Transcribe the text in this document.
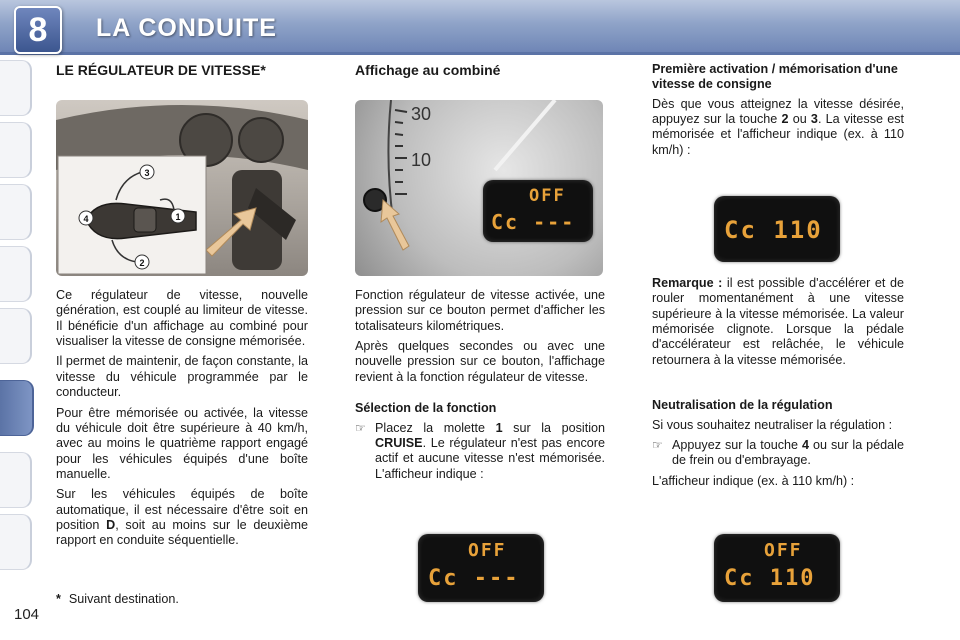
8 LA CONDUITE
LE RÉGULATEUR DE VITESSE*
3
2
1
4

Ce régulateur de vitesse, nouvelle génération, est couplé au limiteur de vitesse. Il bénéficie d'un affichage au combiné pour visualiser la vitesse de consigne mémorisée.

Il permet de maintenir, de façon constante, la vitesse du véhicule programmée par le conducteur.

Pour être mémorisée ou activée, la vitesse du véhicule doit être supérieure à 40 km/h, avec au moins le quatrième rapport engagé pour les véhicules équipés d'une boîte manuelle.

Sur les véhicules équipés de boîte automatique, il est nécessaire d'être soit en position D, soit au moins sur le deuxième rapport en conduite séquentielle.

* Suivant destination.
104
Affichage au combiné
30
10
OFF
Cc ---

Fonction régulateur de vitesse activée, une pression sur ce bouton permet d'afficher les totalisateurs kilométriques.

Après quelques secondes ou avec une nouvelle pression sur ce bouton, l'affichage revient à la fonction régulateur de vitesse.

Sélection de la fonction
☞ Placez la molette 1 sur la position CRUISE. Le régulateur n'est pas encore actif et aucune vitesse n'est mémorisée. L'afficheur indique :
OFF
Cc ---
Première activation / mémorisation d'une vitesse de consigne

Dès que vous atteignez la vitesse désirée, appuyez sur la touche 2 ou 3. La vitesse est mémorisée et l'afficheur indique (ex. à 110 km/h) :

Cc 110

Remarque : il est possible d'accélérer et de rouler momentanément à une vitesse supérieure à la vitesse mémorisée. La valeur mémorisée clignote. Lorsque la pédale d'accélérateur est relâchée, le véhicule retournera à la vitesse mémorisée.

Neutralisation de la régulation

Si vous souhaitez neutraliser la régulation :

☞ Appuyez sur la touche 4 ou sur la pédale de frein ou d'embrayage.

L'afficheur indique (ex. à 110 km/h) :

OFF
Cc 110
